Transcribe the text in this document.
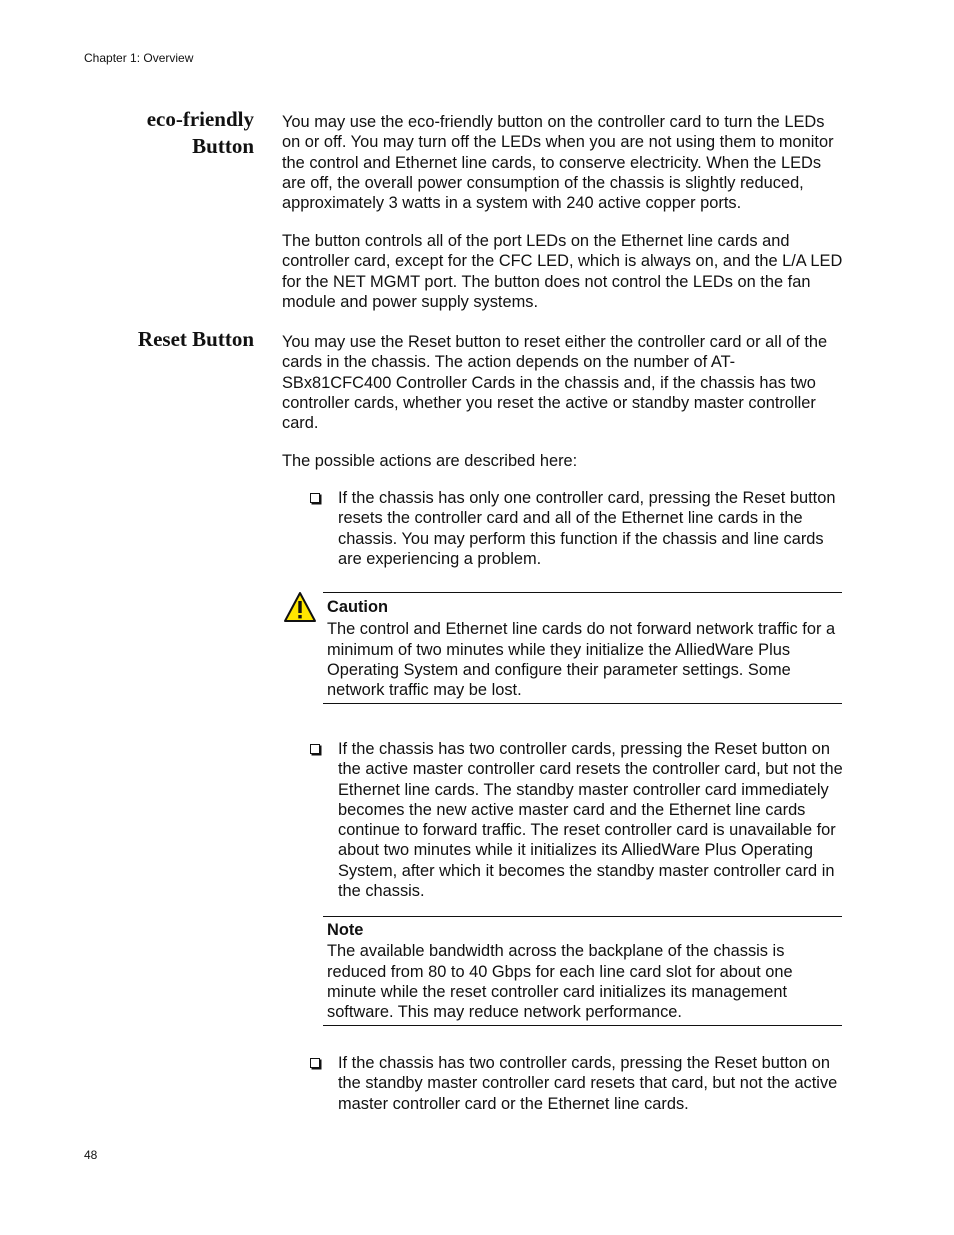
Chapter 1: Overview
eco-friendly
Button

You may use the eco-friendly button on the controller card to turn the LEDs on or off. You may turn off the LEDs when you are not using them to monitor the control and Ethernet line cards, to conserve electricity. When the LEDs are off, the overall power consumption of the chassis is slightly reduced, approximately 3 watts in a system with 240 active copper ports.

The button controls all of the port LEDs on the Ethernet line cards and controller card, except for the CFC LED, which is always on, and the L/A LED for the NET MGMT port. The button does not control the LEDs on the fan module and power supply systems.

Reset Button You may use the Reset button to reset either the controller card or all of the cards in the chassis. The action depends on the number of AT-SBx81CFC400 Controller Cards in the chassis and, if the chassis has two controller cards, whether you reset the active or standby master controller card.

The possible actions are described here:

If the chassis has only one controller card, pressing the Reset button resets the controller card and all of the Ethernet line cards in the chassis. You may perform this function if the chassis and line cards are experiencing a problem.
Caution
The control and Ethernet line cards do not forward network traffic for a minimum of two minutes while they initialize the AlliedWare Plus Operating System and configure their parameter settings. Some network traffic may be lost.
If the chassis has two controller cards, pressing the Reset button on the active master controller card resets the controller card, but not the Ethernet line cards. The standby master controller card immediately becomes the new active master card and the Ethernet line cards continue to forward traffic. The reset controller card is unavailable for about two minutes while it initializes its AlliedWare Plus Operating System, after which it becomes the standby master controller card in the chassis.
Note
The available bandwidth across the backplane of the chassis is reduced from 80 to 40 Gbps for each line card slot for about one minute while the reset controller card initializes its management software. This may reduce network performance.
If the chassis has two controller cards, pressing the Reset button on the standby master controller card resets that card, but not the active master controller card or the Ethernet line cards.
48
